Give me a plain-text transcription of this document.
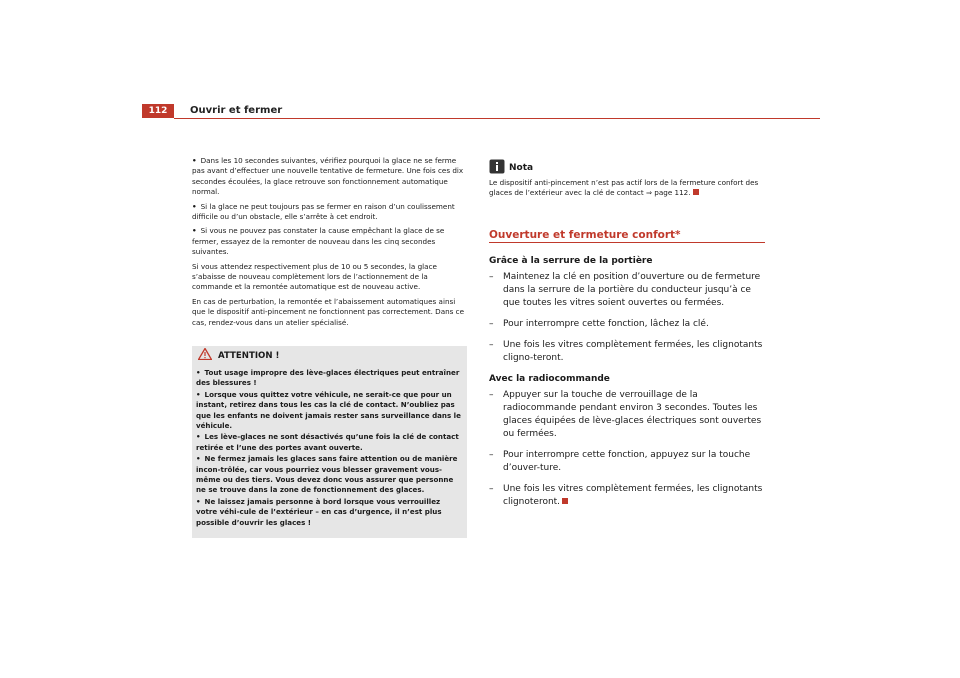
112	Ouvrir et fermer

• Dans les 10 secondes suivantes, vérifiez pourquoi la glace ne se ferme pas avant d’effectuer une nouvelle tentative de fermeture. Une fois ces dix secondes écoulées, la glace retrouve son fonctionnement automatique normal.

• Si la glace ne peut toujours pas se fermer en raison d’un coulissement difficile ou d’un obstacle, elle s’arrête à cet endroit.

• Si vous ne pouvez pas constater la cause empêchant la glace de se fermer, essayez de la remonter de nouveau dans les cinq secondes suivantes.

Si vous attendez respectivement plus de 10 ou 5 secondes, la glace s’abaisse de nouveau complètement lors de l’actionnement de la commande et la remontée automatique est de nouveau active.

En cas de perturbation, la remontée et l’abaissement automatiques ainsi que le dispositif anti-pincement ne fonctionnent pas correctement. Dans ce cas, rendez-vous dans un atelier spécialisé.

ATTENTION !

• Tout usage impropre des lève-glaces électriques peut entraîner des blessures !

• Lorsque vous quittez votre véhicule, ne serait-ce que pour un instant, retirez dans tous les cas la clé de contact. N’oubliez pas que les enfants ne doivent jamais rester sans surveillance dans le véhicule.

• Les lève-glaces ne sont désactivés qu’une fois la clé de contact retirée et l’une des portes avant ouverte.

• Ne fermez jamais les glaces sans faire attention ou de manière incon-trôlée, car vous pourriez vous blesser gravement vous-même ou des tiers. Vous devez donc vous assurer que personne ne se trouve dans la zone de fonctionnement des glaces.

• Ne laissez jamais personne à bord lorsque vous verrouillez votre véhi-cule de l’extérieur – en cas d’urgence, il n’est plus possible d’ouvrir les glaces !

Nota

Le dispositif anti-pincement n’est pas actif lors de la fermeture confort des glaces de l’extérieur avec la clé de contact ⇒ page 112.

Ouverture et fermeture confort*

Grâce à la serrure de la portière

–	Maintenez la clé en position d’ouverture ou de fermeture dans la serrure de la portière du conducteur jusqu’à ce que toutes les vitres soient ouvertes ou fermées.
–	Pour interrompre cette fonction, lâchez la clé.
–	Une fois les vitres complètement fermées, les clignotants cligno-teront.

Avec la radiocommande

–	Appuyer sur la touche de verrouillage de la radiocommande pendant environ 3 secondes. Toutes les glaces équipées de lève-glaces électriques sont ouvertes ou fermées.
–	Pour interrompre cette fonction, appuyez sur la touche d’ouver-ture.
–	Une fois les vitres complètement fermées, les clignotants clignoteront.
